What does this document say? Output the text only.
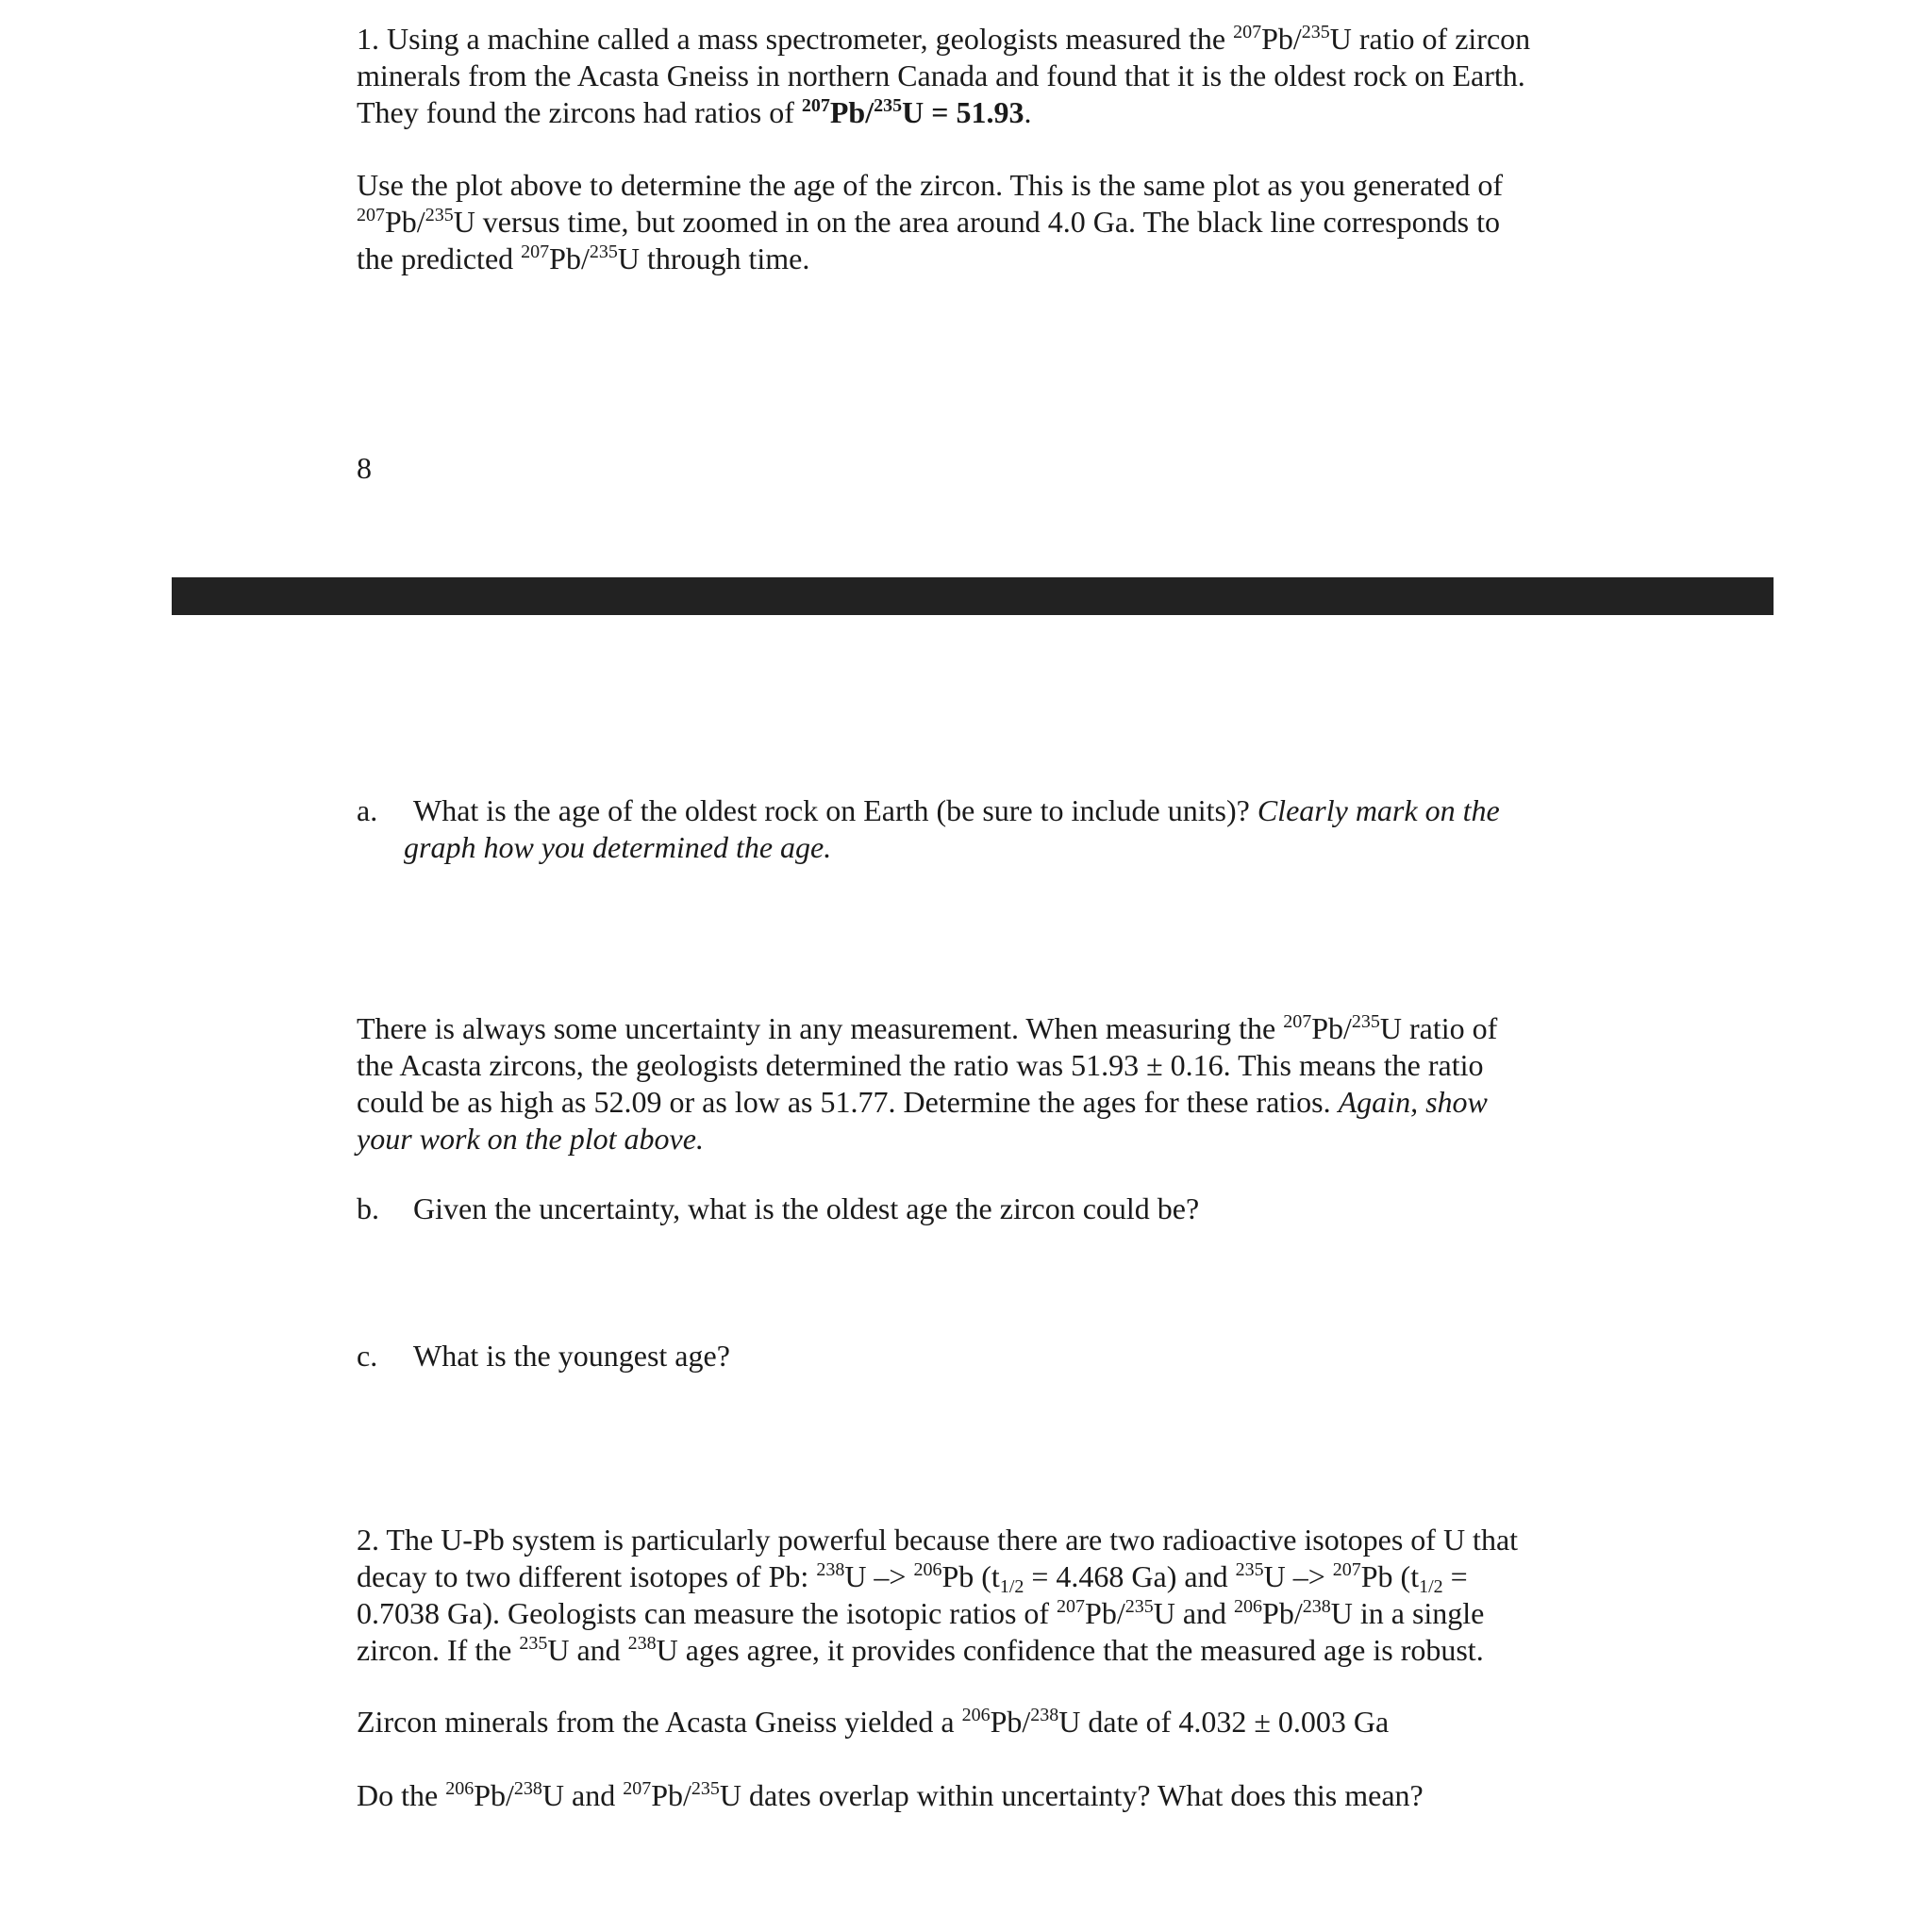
1. Using a machine called a mass spectrometer, geologists measured the $^{207}$Pb/$^{235}$U ratio of zircon
minerals from the Acasta Gneiss in northern Canada and found that it is the oldest rock on Earth.
They found the zircons had ratios of $^{207}$Pb/$^{235}$U = 51.93.
Use the plot above to determine the age of the zircon. This is the same plot as you generated of
$^{207}$Pb/$^{235}$U versus time, but zoomed in on the area around 4.0 Ga. The black line corresponds to
the predicted $^{207}$Pb/$^{235}$U through time.
8
a. What is the age of the oldest rock on Earth (be sure to include units)? Clearly mark on the
graph how you determined the age.
There is always some uncertainty in any measurement. When measuring the $^{207}$Pb/$^{235}$U ratio of
the Acasta zircons, the geologists determined the ratio was 51.93 ± 0.16. This means the ratio
could be as high as 52.09 or as low as 51.77. Determine the ages for these ratios. Again, show
your work on the plot above.
b. Given the uncertainty, what is the oldest age the zircon could be?
c. What is the youngest age?
2. The U-Pb system is particularly powerful because there are two radioactive isotopes of U that
decay to two different isotopes of Pb: $^{238}$U –> $^{206}$Pb ($t_{1/2} = 4.468$ Ga) and $^{235}$U –> $^{207}$Pb ($t_{1/2}$ =
0.7038 Ga). Geologists can measure the isotopic ratios of $^{207}$Pb/$^{235}$U and $^{206}$Pb/$^{238}$U in a single
zircon. If the $^{235}$U and $^{238}$U ages agree, it provides confidence that the measured age is robust.
Zircon minerals from the Acasta Gneiss yielded a $^{206}$Pb/$^{238}$U date of 4.032 ± 0.003 Ga
Do the $^{206}$Pb/$^{238}$U and $^{207}$Pb/$^{235}$U dates overlap within uncertainty? What does this mean?
